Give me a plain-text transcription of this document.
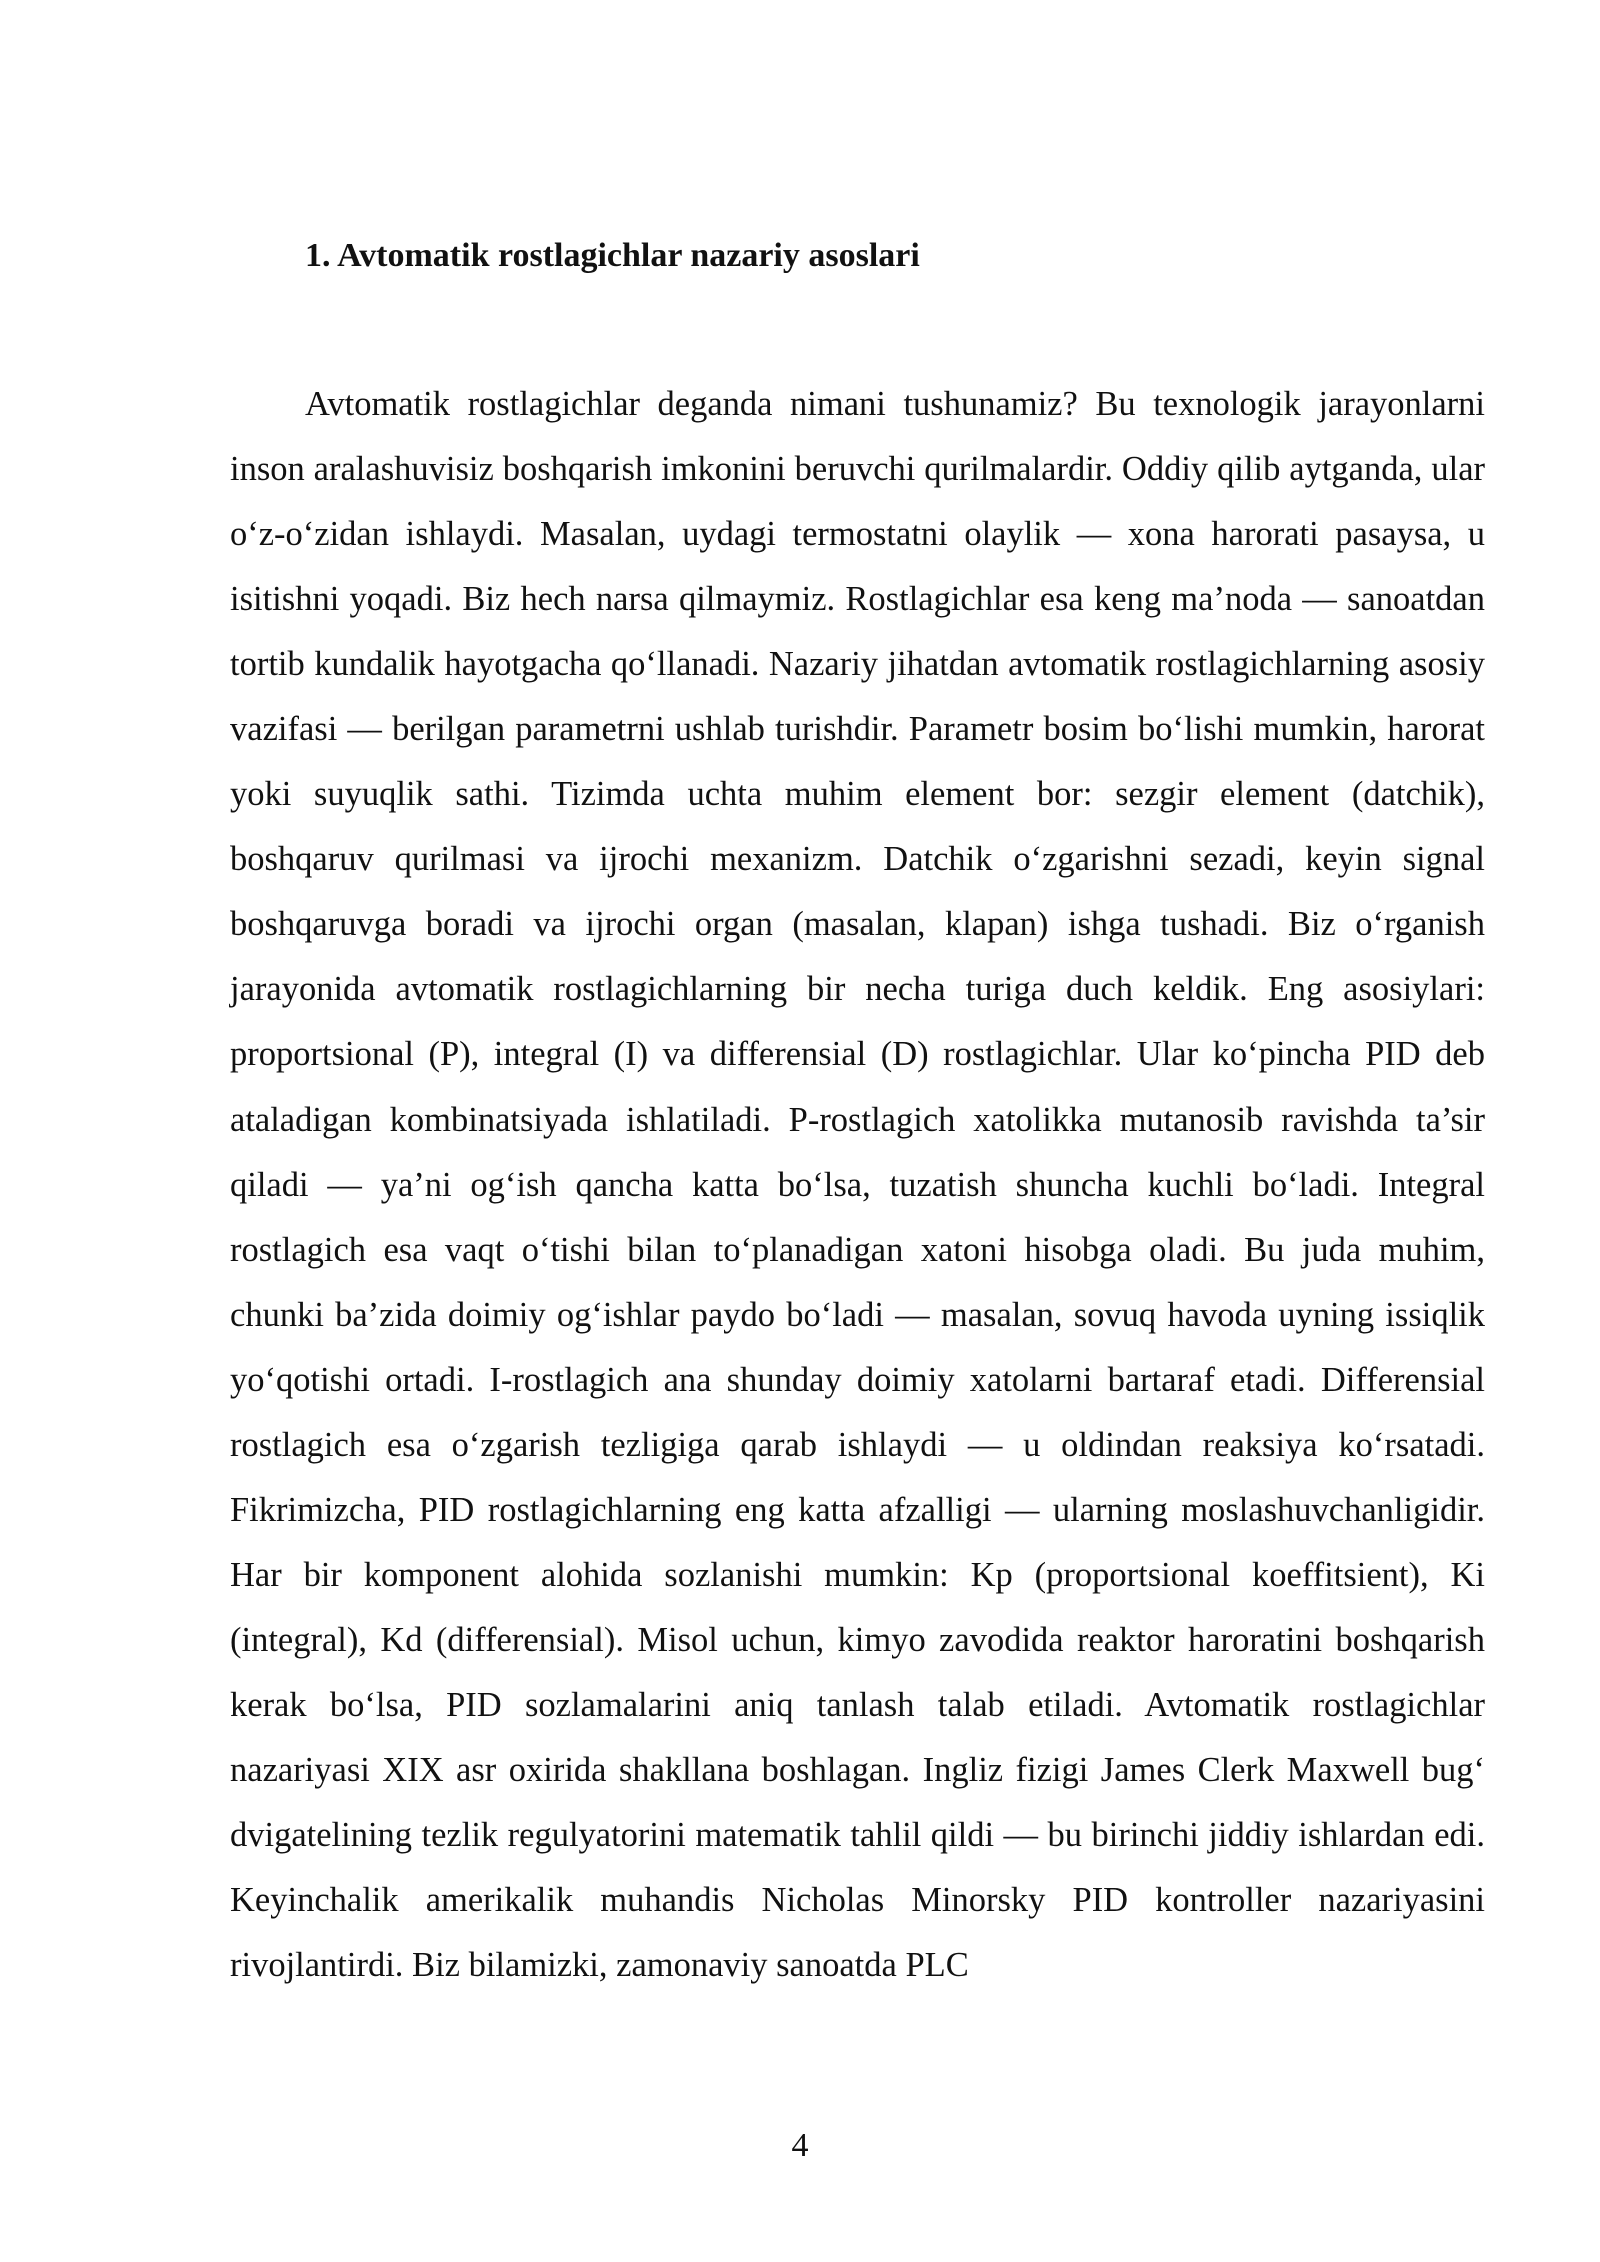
1. Avtomatik rostlagichlar nazariy asoslari

Avtomatik rostlagichlar deganda nimani tushunamiz? Bu texnologik jarayonlarni inson aralashuvisiz boshqarish imkonini beruvchi qurilmalardir. Oddiy qilib aytganda, ular o‘z-o‘zidan ishlaydi. Masalan, uydagi termostatni olaylik — xona harorati pasaysa, u isitishni yoqadi. Biz hech narsa qilmaymiz. Rostlagichlar esa keng ma’noda — sanoatdan tortib kundalik hayotgacha qo‘llanadi. Nazariy jihatdan avtomatik rostlagichlarning asosiy vazifasi — berilgan parametrni ushlab turishdir. Parametr bosim bo‘lishi mumkin, harorat yoki suyuqlik sathi. Tizimda uchta muhim element bor: sezgir element (datchik), boshqaruv qurilmasi va ijrochi mexanizm. Datchik o‘zgarishni sezadi, keyin signal boshqaruvga boradi va ijrochi organ (masalan, klapan) ishga tushadi. Biz o‘rganish jarayonida avtomatik rostlagichlarning bir necha turiga duch keldik. Eng asosiylari: proportsional (P), integral (I) va differensial (D) rostlagichlar. Ular ko‘pincha PID deb ataladigan kombinatsiyada ishlatiladi. P-rostlagich xatolikka mutanosib ravishda ta’sir qiladi — ya’ni og‘ish qancha katta bo‘lsa, tuzatish shuncha kuchli bo‘ladi. Integral rostlagich esa vaqt o‘tishi bilan to‘planadigan xatoni hisobga oladi. Bu juda muhim, chunki ba’zida doimiy og‘ishlar paydo bo‘ladi — masalan, sovuq havoda uyning issiqlik yo‘qotishi ortadi. I-rostlagich ana shunday doimiy xatolarni bartaraf etadi. Differensial rostlagich esa o‘zgarish tezligiga qarab ishlaydi — u oldindan reaksiya ko‘rsatadi. Fikrimizcha, PID rostlagichlarning eng katta afzalligi — ularning moslashuvchanligidir. Har bir komponent alohida sozlanishi mumkin: Kp (proportsional koeffitsient), Ki (integral), Kd (differensial). Misol uchun, kimyo zavodida reaktor haroratini boshqarish kerak bo‘lsa, PID sozlamalarini aniq tanlash talab etiladi. Avtomatik rostlagichlar nazariyasi XIX asr oxirida shakllana boshlagan. Ingliz fizigi James Clerk Maxwell bug‘ dvigatelining tezlik regulyatorini matematik tahlil qildi — bu birinchi jiddiy ishlardan edi. Keyinchalik amerikalik muhandis Nicholas Minorsky PID kontroller nazariyasini rivojlantirdi. Biz bilamizki, zamonaviy sanoatda PLC

4
